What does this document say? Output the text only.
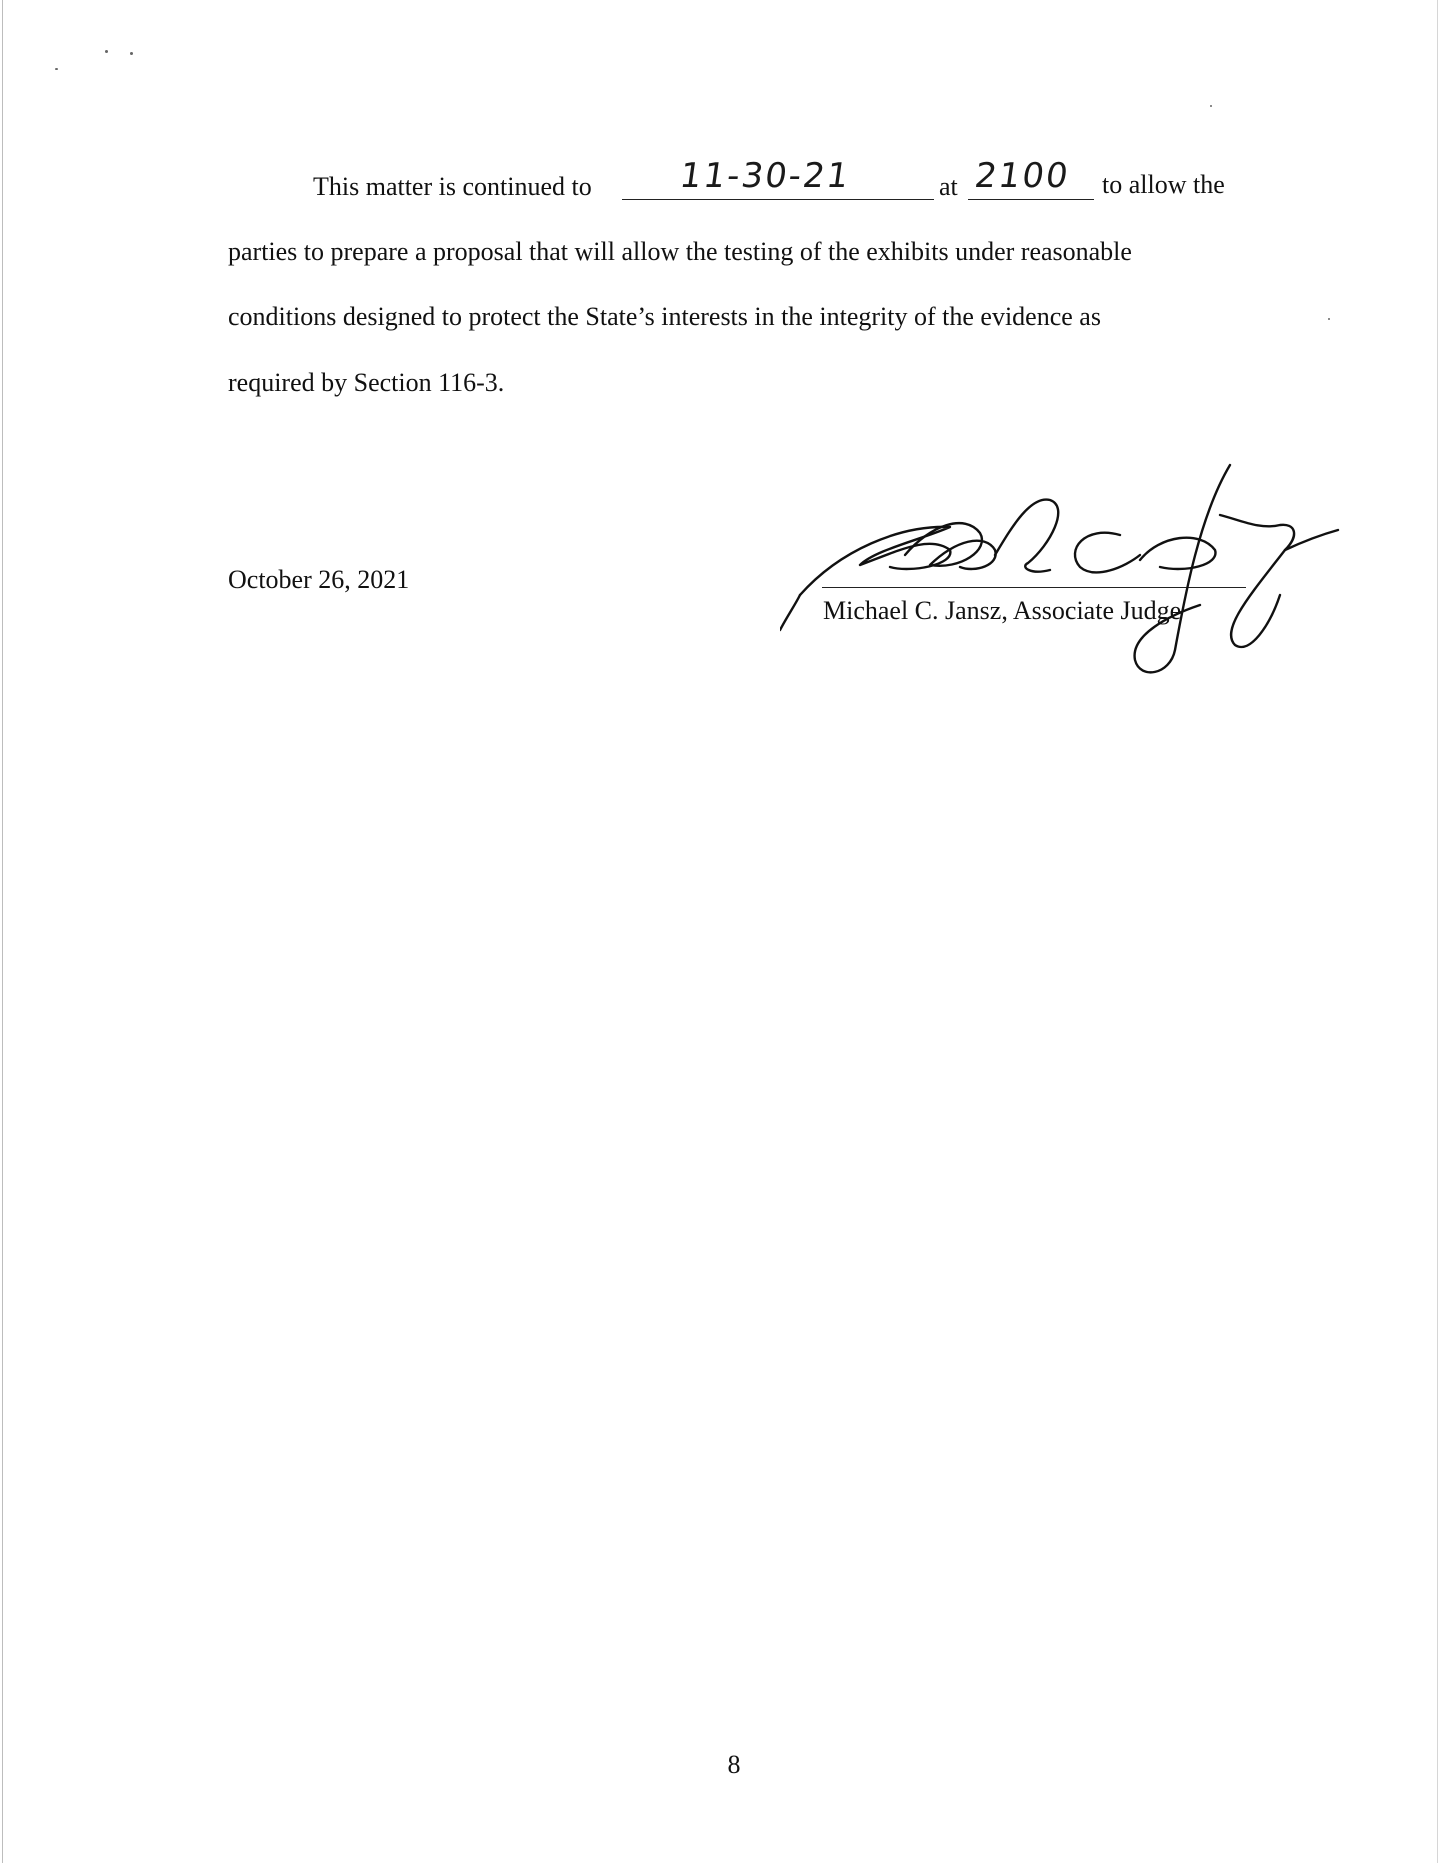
This matter is continued to	11-30-21	at 2100 to allow the
parties to prepare a proposal that will allow the testing of the exhibits under reasonable
conditions designed to protect the State’s interests in the integrity of the evidence as
required by Section 116-3.
October 26, 2021
Michael C. Jansz, Associate Judge
8
